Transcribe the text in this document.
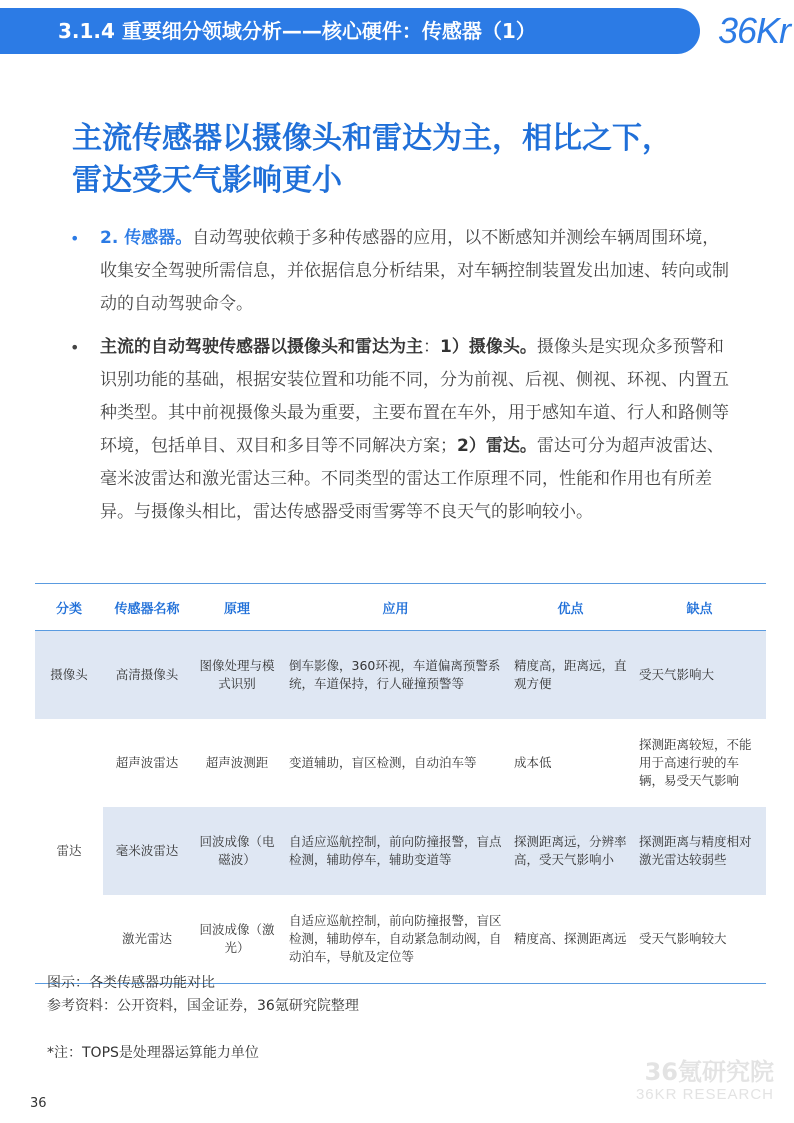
3.1.4 重要细分领域分析——核心硬件：传感器（1）	36Kr
主流传感器以摄像头和雷达为主，相比之下，
雷达受天气影响更小
• 2. 传感器。自动驾驶依赖于多种传感器的应用，以不断感知并测绘车辆周围环境，收集安全驾驶所需信息，并依据信息分析结果，对车辆控制装置发出加速、转向或制动的自动驾驶命令。
• 主流的自动驾驶传感器以摄像头和雷达为主：1）摄像头。摄像头是实现众多预警和识别功能的基础，根据安装位置和功能不同，分为前视、后视、侧视、环视、内置五种类型。其中前视摄像头最为重要，主要布置在车外，用于感知车道、行人和路侧等环境，包括单目、双目和多目等不同解决方案；2）雷达。雷达可分为超声波雷达、毫米波雷达和激光雷达三种。不同类型的雷达工作原理不同，性能和作用也有所差异。与摄像头相比，雷达传感器受雨雪雾等不良天气的影响较小。
分类	传感器名称	原理	应用	优点	缺点
摄像头	高清摄像头	图像处理与模式识别	倒车影像，360环视，车道偏离预警系统，车道保持，行人碰撞预警等	精度高，距离远，直观方便	受天气影响大
	超声波雷达	超声波测距	变道辅助，盲区检测，自动泊车等	成本低	探测距离较短，不能用于高速行驶的车辆，易受天气影响
雷达	毫米波雷达	回波成像（电磁波）	自适应巡航控制，前向防撞报警，盲点检测，辅助停车，辅助变道等	探测距离远，分辨率高，受天气影响小	探测距离与精度相对激光雷达较弱些
	激光雷达	回波成像（激光）	自适应巡航控制，前向防撞报警，盲区检测，辅助停车，自动紧急制动阀，自动泊车，导航及定位等	精度高、探测距离远	受天气影响较大
图示：各类传感器功能对比
参考资料：公开资料，国金证券，36氪研究院整理
*注：TOPS是处理器运算能力单位
36氪研究院
36KR RESEARCH
36
